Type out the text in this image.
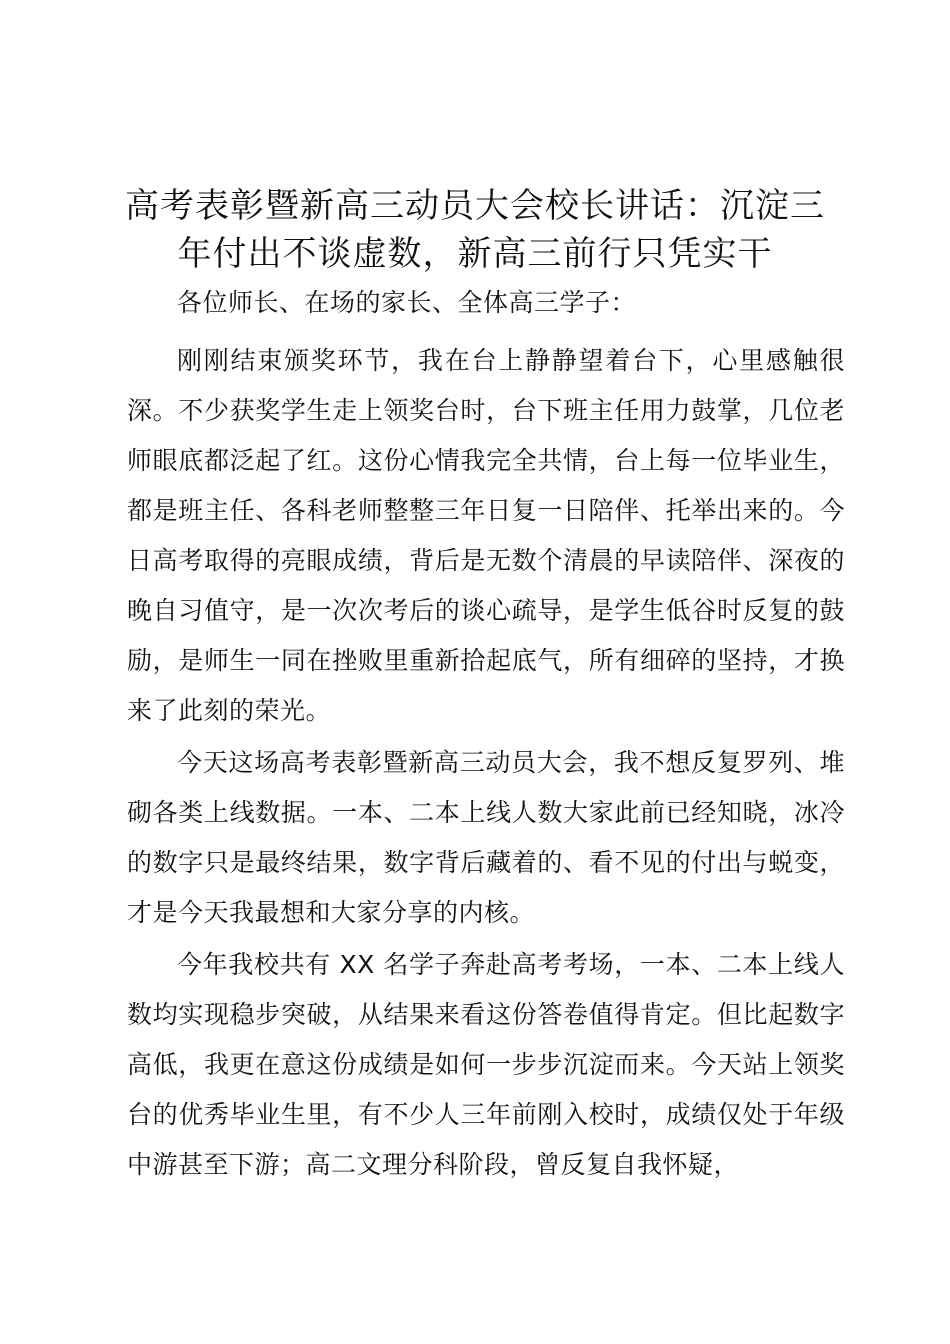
高考表彰暨新高三动员大会校长讲话：沉淀三年付出不谈虚数，新高三前行只凭实干

各位师长、在场的家长、全体高三学子：

刚刚结束颁奖环节，我在台上静静望着台下，心里感触很深。不少获奖学生走上领奖台时，台下班主任用力鼓掌，几位老师眼底都泛起了红。这份心情我完全共情，台上每一位毕业生，都是班主任、各科老师整整三年日复一日陪伴、托举出来的。今日高考取得的亮眼成绩，背后是无数个清晨的早读陪伴、深夜的晚自习值守，是一次次考后的谈心疏导，是学生低谷时反复的鼓励，是师生一同在挫败里重新拾起底气，所有细碎的坚持，才换来了此刻的荣光。

今天这场高考表彰暨新高三动员大会，我不想反复罗列、堆砌各类上线数据。一本、二本上线人数大家此前已经知晓，冰冷的数字只是最终结果，数字背后藏着的、看不见的付出与蜕变，才是今天我最想和大家分享的内核。

今年我校共有 XX 名学子奔赴高考考场，一本、二本上线人数均实现稳步突破，从结果来看这份答卷值得肯定。但比起数字高低，我更在意这份成绩是如何一步步沉淀而来。今天站上领奖台的优秀毕业生里，有不少人三年前刚入校时，成绩仅处于年级中游甚至下游；高二文理分科阶段，曾反复自我怀疑，
